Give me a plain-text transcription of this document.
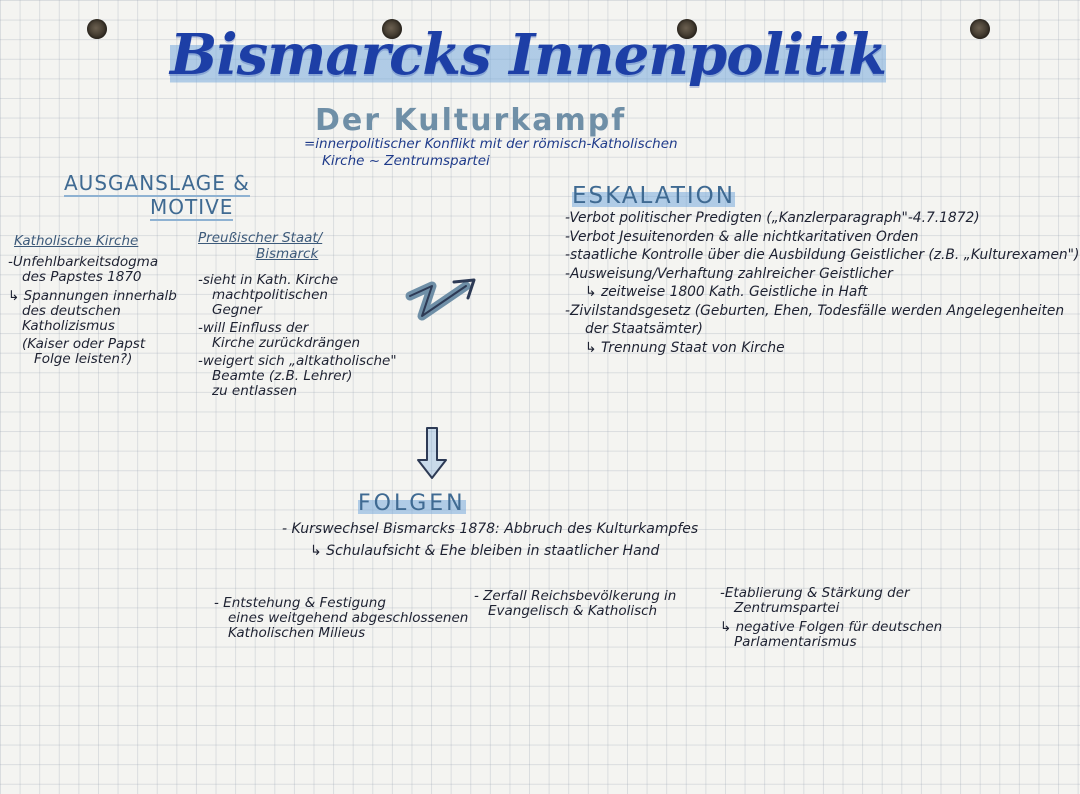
Bismarcks Innenpolitik
Der Kulturkampf
=innerpolitischer Konflikt mit der römisch-Katholischen
Kirche ~ Zentrumspartei
AUSGANSLAGE &
MOTIVE
Katholische Kirche
-Unfehlbarkeitsdogma
des Papstes 1870
↳ Spannungen innerhalb
des deutschen
Katholizismus
(Kaiser oder Papst
Folge leisten?)
Preußischer Staat/
Bismarck
-sieht in Kath. Kirche
machtpolitischen
Gegner
-will Einfluss der
Kirche zurückdrängen
-weigert sich „altkatholische"
Beamte (z.B. Lehrer)
zu entlassen
ESKALATION
-Verbot politischer Predigten („Kanzlerparagraph"-4.7.1872)
-Verbot Jesuitenorden & alle nichtkaritativen Orden
-staatliche Kontrolle über die Ausbildung Geistlicher (z.B. „Kulturexamen")
-Ausweisung/Verhaftung zahlreicher Geistlicher
↳ zeitweise 1800 Kath. Geistliche in Haft
-Zivilstandsgesetz (Geburten, Ehen, Todesfälle werden Angelegenheiten
der Staatsämter)
↳ Trennung Staat von Kirche
FOLGEN
- Kurswechsel Bismarcks 1878: Abbruch des Kulturkampfes
↳ Schulaufsicht & Ehe bleiben in staatlicher Hand
- Entstehung & Festigung
eines weitgehend abgeschlossenen
Katholischen Milieus
- Zerfall Reichsbevölkerung in
Evangelisch & Katholisch
-Etablierung & Stärkung der
Zentrumspartei
↳ negative Folgen für deutschen
Parlamentarismus
